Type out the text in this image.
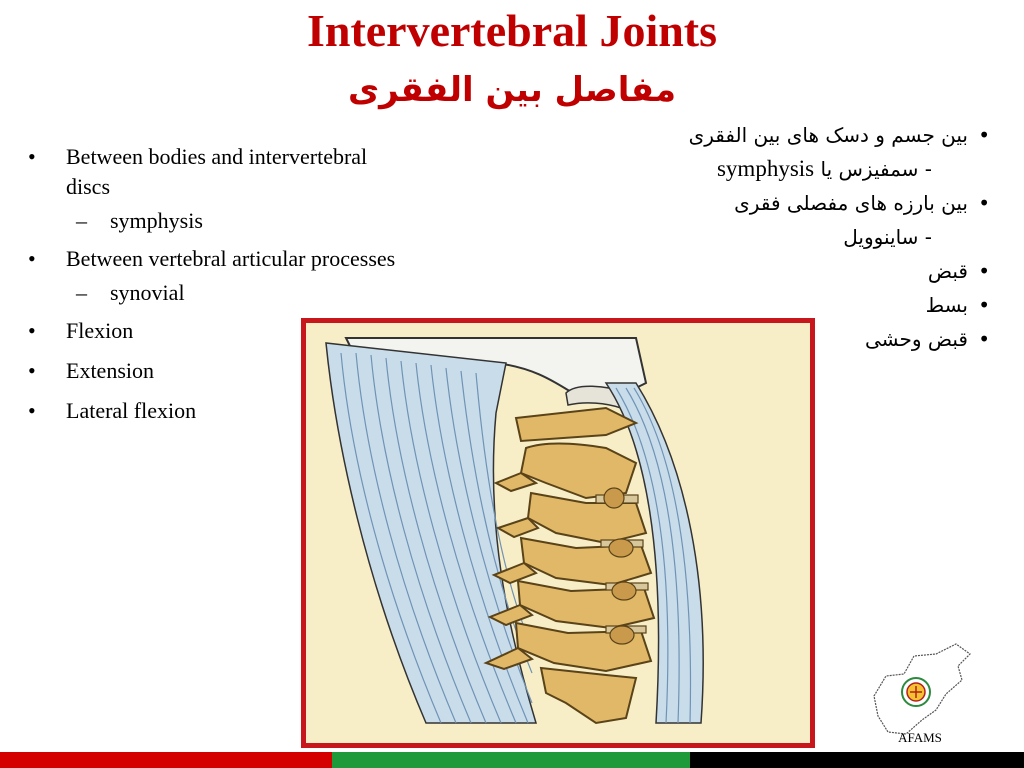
Intervertebral Joints
مفاصل بین الفقری
• Between bodies and intervertebral discs
– symphysis
• Between vertebral articular processes
– synovial
• Flexion
• Extension
• Lateral flexion
•
بین جسم و دسک های بین الفقری
- سمفیزس یا symphysis
•
بین بارزه های مفصلی فقری
- ساینوویل
•
قبض
•
بسط
•
قبض وحشی
AFAMS
